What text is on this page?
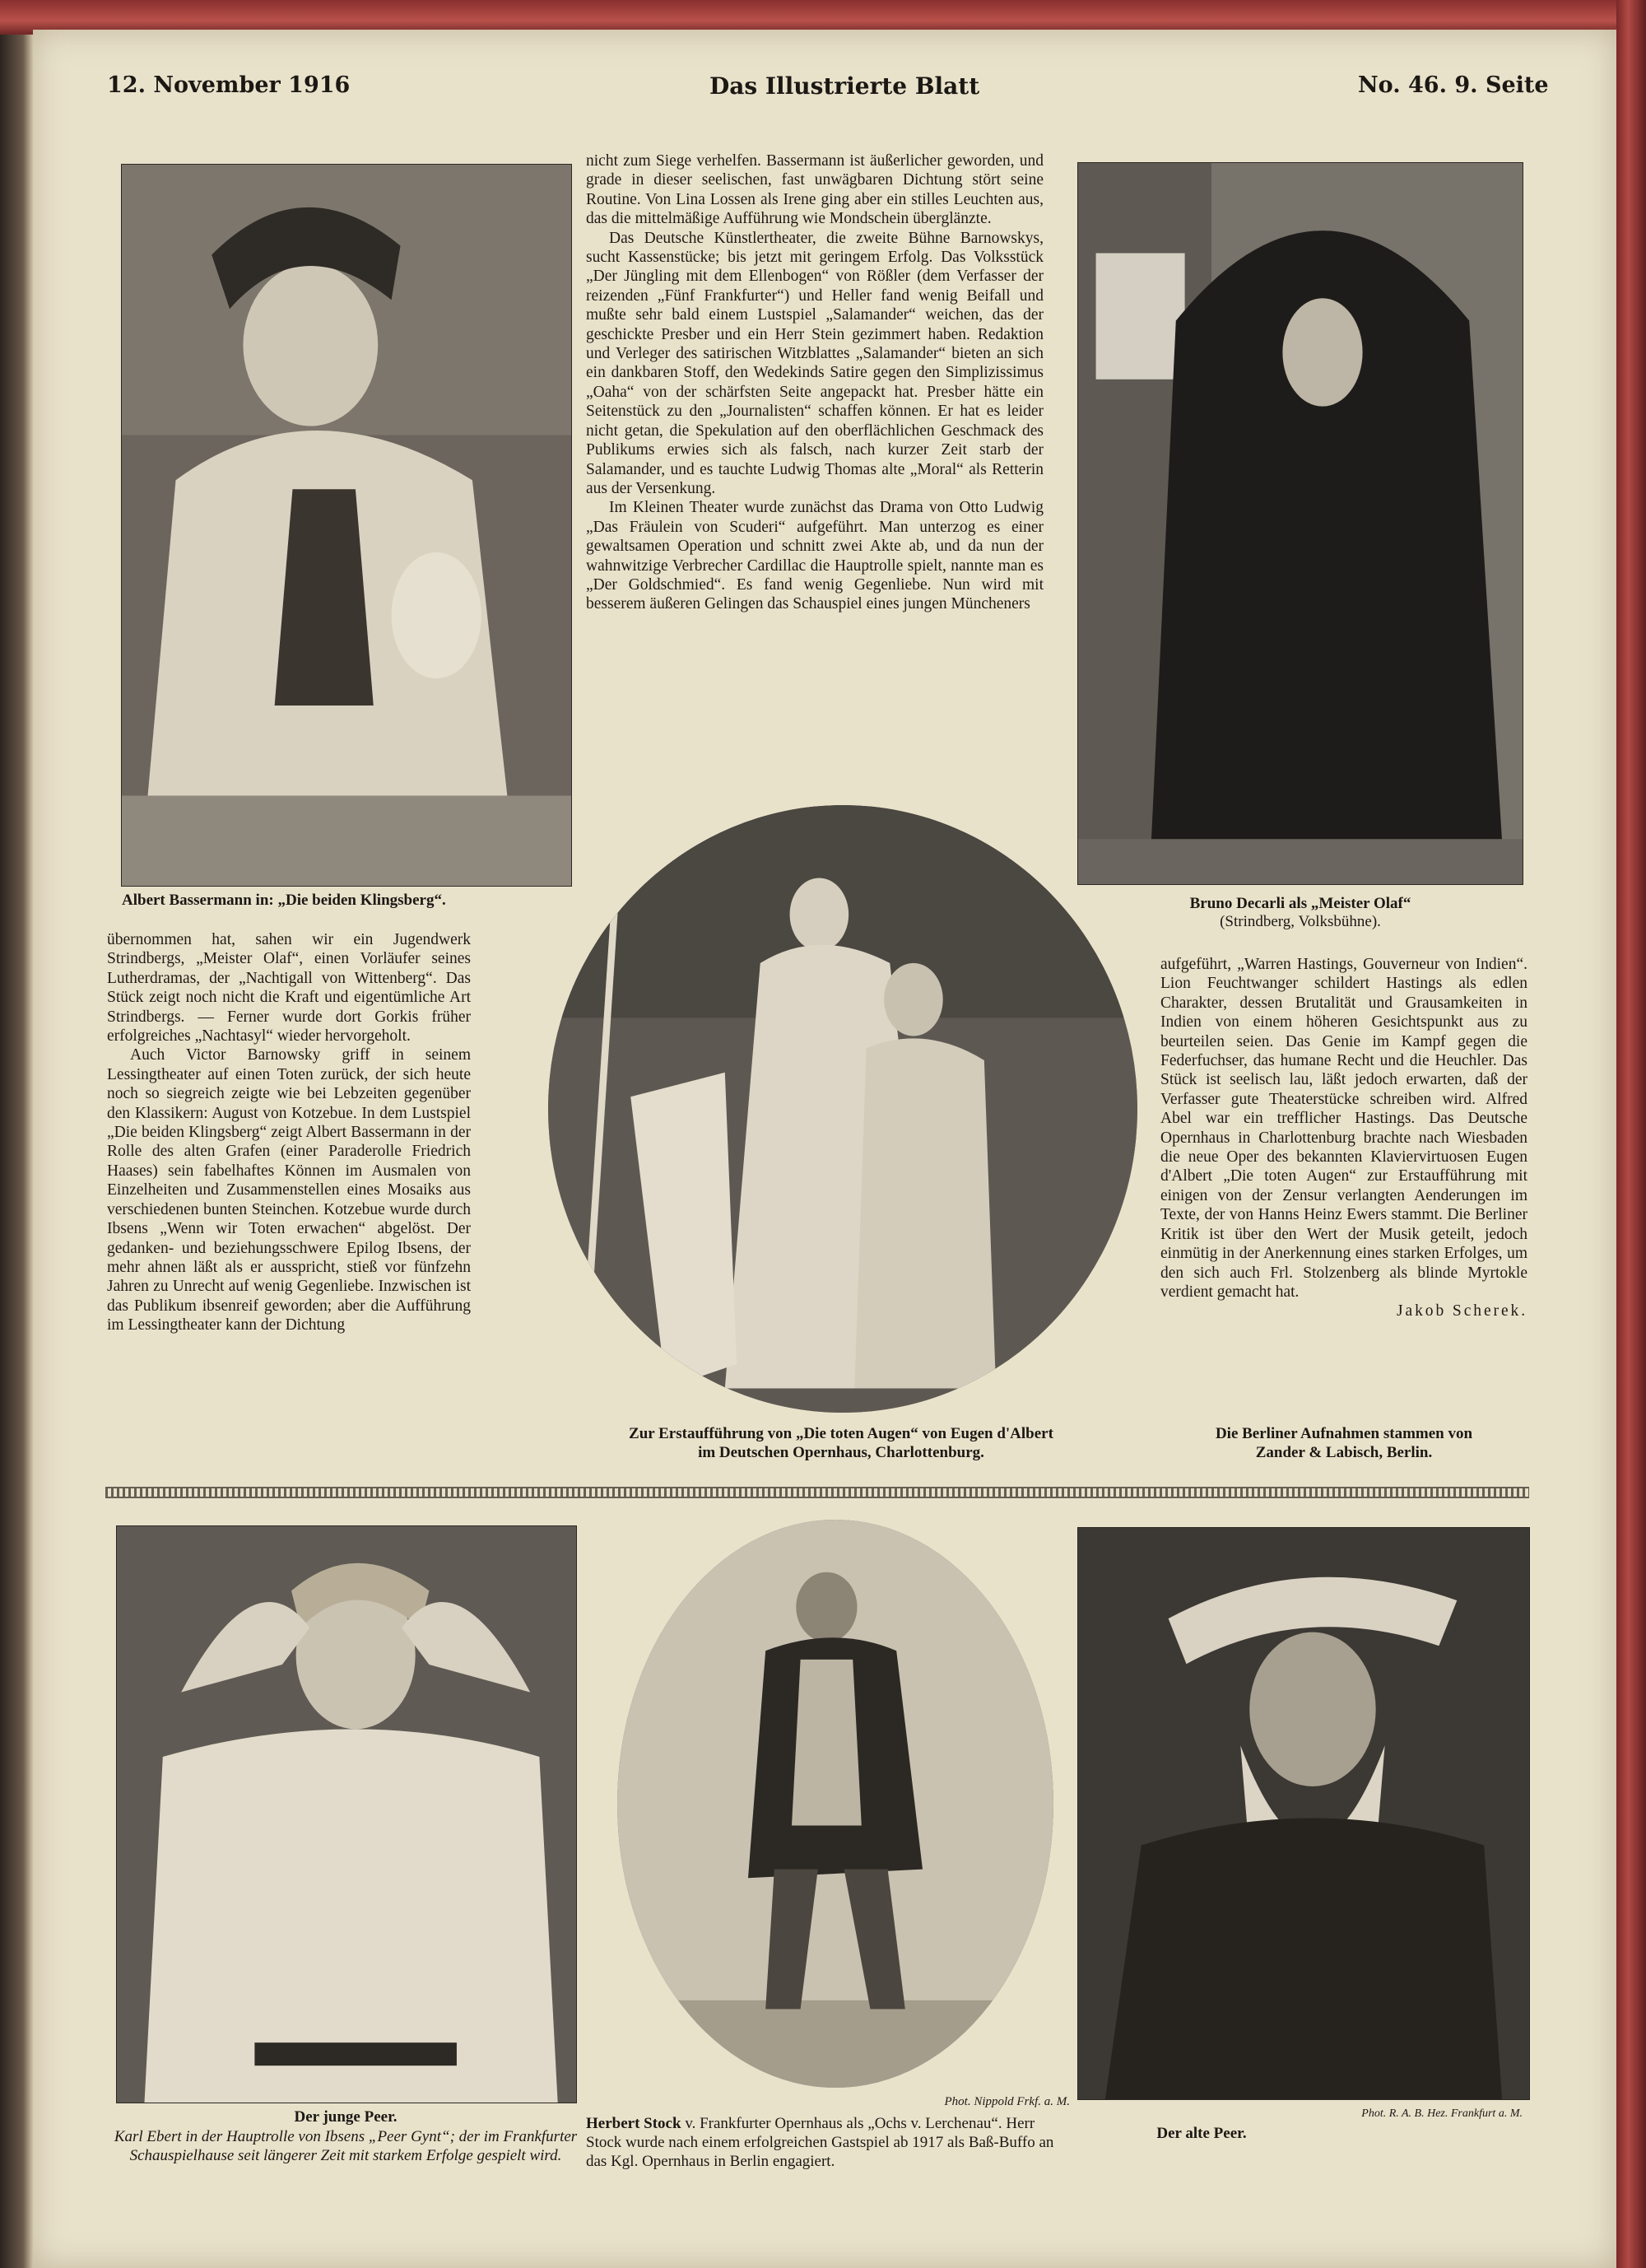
12. November 1916	Das Illustrierte Blatt	No. 46. 9. Seite
Albert Bassermann in: „Die beiden Klingsberg“.

nicht zum Siege verhelfen. Bassermann ist äußerlicher geworden, und grade in dieser seelischen, fast unwägbaren Dichtung stört seine Routine. Von Lina Lossen als Irene ging aber ein stilles Leuchten aus, das die mittelmäßige Aufführung wie Mondschein überglänzte.

Das Deutsche Künstlertheater, die zweite Bühne Barnowskys, sucht Kassenstücke; bis jetzt mit geringem Erfolg. Das Volksstück „Der Jüngling mit dem Ellenbogen“ von Rößler (dem Verfasser der reizenden „Fünf Frankfurter“) und Heller fand wenig Beifall und mußte sehr bald einem Lustspiel „Salamander“ weichen, das der geschickte Presber und ein Herr Stein gezimmert haben. Redaktion und Verleger des satirischen Witzblattes „Salamander“ bieten an sich ein dankbaren Stoff, den Wedekinds Satire gegen den Simplizissimus „Oaha“ von der schärfsten Seite angepackt hat. Presber hätte ein Seitenstück zu den „Journalisten“ schaffen können. Er hat es leider nicht getan, die Spekulation auf den oberflächlichen Geschmack des Publikums erwies sich als falsch, nach kurzer Zeit starb der Salamander, und es tauchte Ludwig Thomas alte „Moral“ als Retterin aus der Versenkung.

Im Kleinen Theater wurde zunächst das Drama von Otto Ludwig „Das Fräulein von Scuderi“ aufgeführt. Man unterzog es einer gewaltsamen Operation und schnitt zwei Akte ab, und da nun der wahnwitzige Verbrecher Cardillac die Hauptrolle spielt, nannte man es „Der Goldschmied“. Es fand wenig Gegenliebe. Nun wird mit besserem äußeren Gelingen das Schauspiel eines jungen Müncheners

Bruno Decarli als „Meister Olaf“
(Strindberg, Volksbühne).
Zur Erstaufführung von „Die toten Augen“ von Eugen d'Albert
im Deutschen Opernhaus, Charlottenburg.

übernommen hat, sahen wir ein Jugendwerk Strindbergs, „Meister Olaf“, einen Vorläufer seines Lutherdramas, der „Nachtigall von Wittenberg“. Das Stück zeigt noch nicht die Kraft und eigentümliche Art Strindbergs. — Ferner wurde dort Gorkis früher erfolgreiches „Nachtasyl“ wieder hervorgeholt.

Auch Victor Barnowsky griff in seinem Lessingtheater auf einen Toten zurück, der sich heute noch so siegreich zeigte wie bei Lebzeiten gegenüber den Klassikern: August von Kotzebue. In dem Lustspiel „Die beiden Klingsberg“ zeigt Albert Bassermann in der Rolle des alten Grafen (einer Paraderolle Friedrich Haases) sein fabelhaftes Können im Ausmalen von Einzelheiten und Zusammenstellen eines Mosaiks aus verschiedenen bunten Steinchen. Kotzebue wurde durch Ibsens „Wenn wir Toten erwachen“ abgelöst. Der gedanken- und beziehungsschwere Epilog Ibsens, der mehr ahnen läßt als er ausspricht, stieß vor fünfzehn Jahren zu Unrecht auf wenig Gegenliebe. Inzwischen ist das Publikum ibsenreif geworden; aber die Aufführung im Lessingtheater kann der Dichtung

aufgeführt, „Warren Hastings, Gouverneur von Indien“. Lion Feuchtwanger schildert Hastings als edlen Charakter, dessen Brutalität und Grausamkeiten in Indien von einem höheren Gesichtspunkt aus zu beurteilen seien. Das Genie im Kampf gegen die Federfuchser, das humane Recht und die Heuchler. Das Stück ist seelisch lau, läßt jedoch erwarten, daß der Verfasser gute Theaterstücke schreiben wird. Alfred Abel war ein trefflicher Hastings. Das Deutsche Opernhaus in Charlottenburg brachte nach Wiesbaden die neue Oper des bekannten Klaviervirtuosen Eugen d'Albert „Die toten Augen“ zur Erstaufführung mit einigen von der Zensur verlangten Aenderungen im Texte, der von Hanns Heinz Ewers stammt. Die Berliner Kritik ist über den Wert der Musik geteilt, jedoch einmütig in der Anerkennung eines starken Erfolges, um den sich auch Frl. Stolzenberg als blinde Myrtokle verdient gemacht hat.

Jakob Scherek.

Die Berliner Aufnahmen stammen von
Zander & Labisch, Berlin.
Der junge Peer.
Karl Ebert in der Hauptrolle von Ibsens „Peer Gynt“; der im Frankfurter Schauspielhause seit längerer Zeit mit starkem Erfolge gespielt wird.
Phot. Nippold Frkf. a. M.
Herbert Stock v. Frankfurter Opernhaus als „Ochs v. Lerchenau“. Herr Stock wurde nach einem erfolgreichen Gastspiel ab 1917 als Baß-Buffo an das Kgl. Opernhaus in Berlin engagiert.
Phot. R. A. B. Hez. Frankfurt a. M.
Der alte Peer.
